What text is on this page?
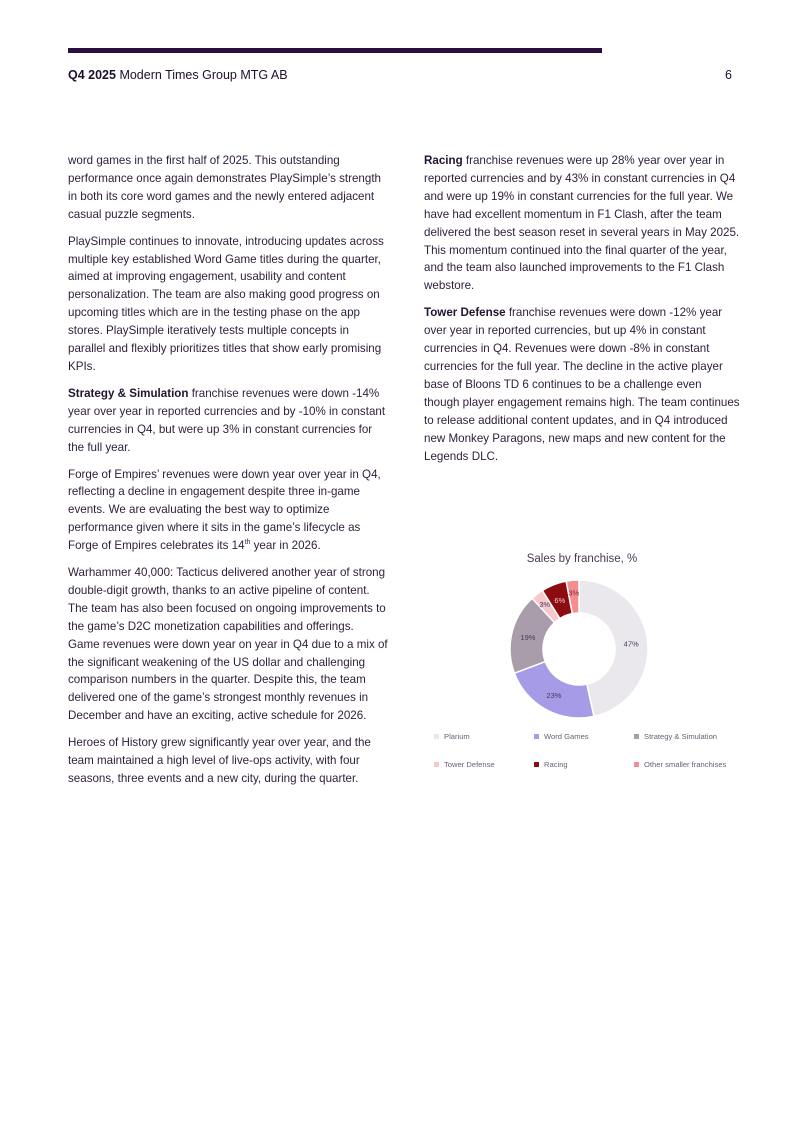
Q4 2025 Modern Times Group MTG AB	6

word games in the first half of 2025. This outstanding performance once again demonstrates PlaySimple’s strength in both its core word games and the newly entered adjacent casual puzzle segments.

PlaySimple continues to innovate, introducing updates across multiple key established Word Game titles during the quarter, aimed at improving engagement, usability and content personalization. The team are also making good progress on upcoming titles which are in the testing phase on the app stores. PlaySimple iteratively tests multiple concepts in parallel and flexibly prioritizes titles that show early promising KPIs.

Strategy & Simulation franchise revenues were down -14% year over year in reported currencies and by -10% in constant currencies in Q4, but were up 3% in constant currencies for the full year.

Forge of Empires’ revenues were down year over year in Q4, reflecting a decline in engagement despite three in-game events. We are evaluating the best way to optimize performance given where it sits in the game’s lifecycle as Forge of Empires celebrates its 14th year in 2026.

Warhammer 40,000: Tacticus delivered another year of strong double-digit growth, thanks to an active pipeline of content. The team has also been focused on ongoing improvements to the game’s D2C monetization capabilities and offerings. Game revenues were down year on year in Q4 due to a mix of the significant weakening of the US dollar and challenging comparison numbers in the quarter. Despite this, the team delivered one of the game’s strongest monthly revenues in December and have an exciting, active schedule for 2026.

Heroes of History grew significantly year over year, and the team maintained a high level of live-ops activity, with four seasons, three events and a new city, during the quarter.

Racing franchise revenues were up 28% year over year in reported currencies and by 43% in constant currencies in Q4 and were up 19% in constant currencies for the full year. We have had excellent momentum in F1 Clash, after the team delivered the best season reset in several years in May 2025. This momentum continued into the final quarter of the year, and the team also launched improvements to the F1 Clash webstore.

Tower Defense franchise revenues were down -12% year over year in reported currencies, but up 4% in constant currencies in Q4. Revenues were down -8% in constant currencies for the full year. The decline in the active player base of Bloons TD 6 continues to be a challenge even though player engagement remains high. The team continues to release additional content updates, and in Q4 introduced new Monkey Paragons, new maps and new content for the Legends DLC.

Sales by franchise, %
47%
23%
19%
3% 6%
3%
Plarium	Word Games	Strategy & Simulation
Tower Defense	Racing	Other smaller franchises
